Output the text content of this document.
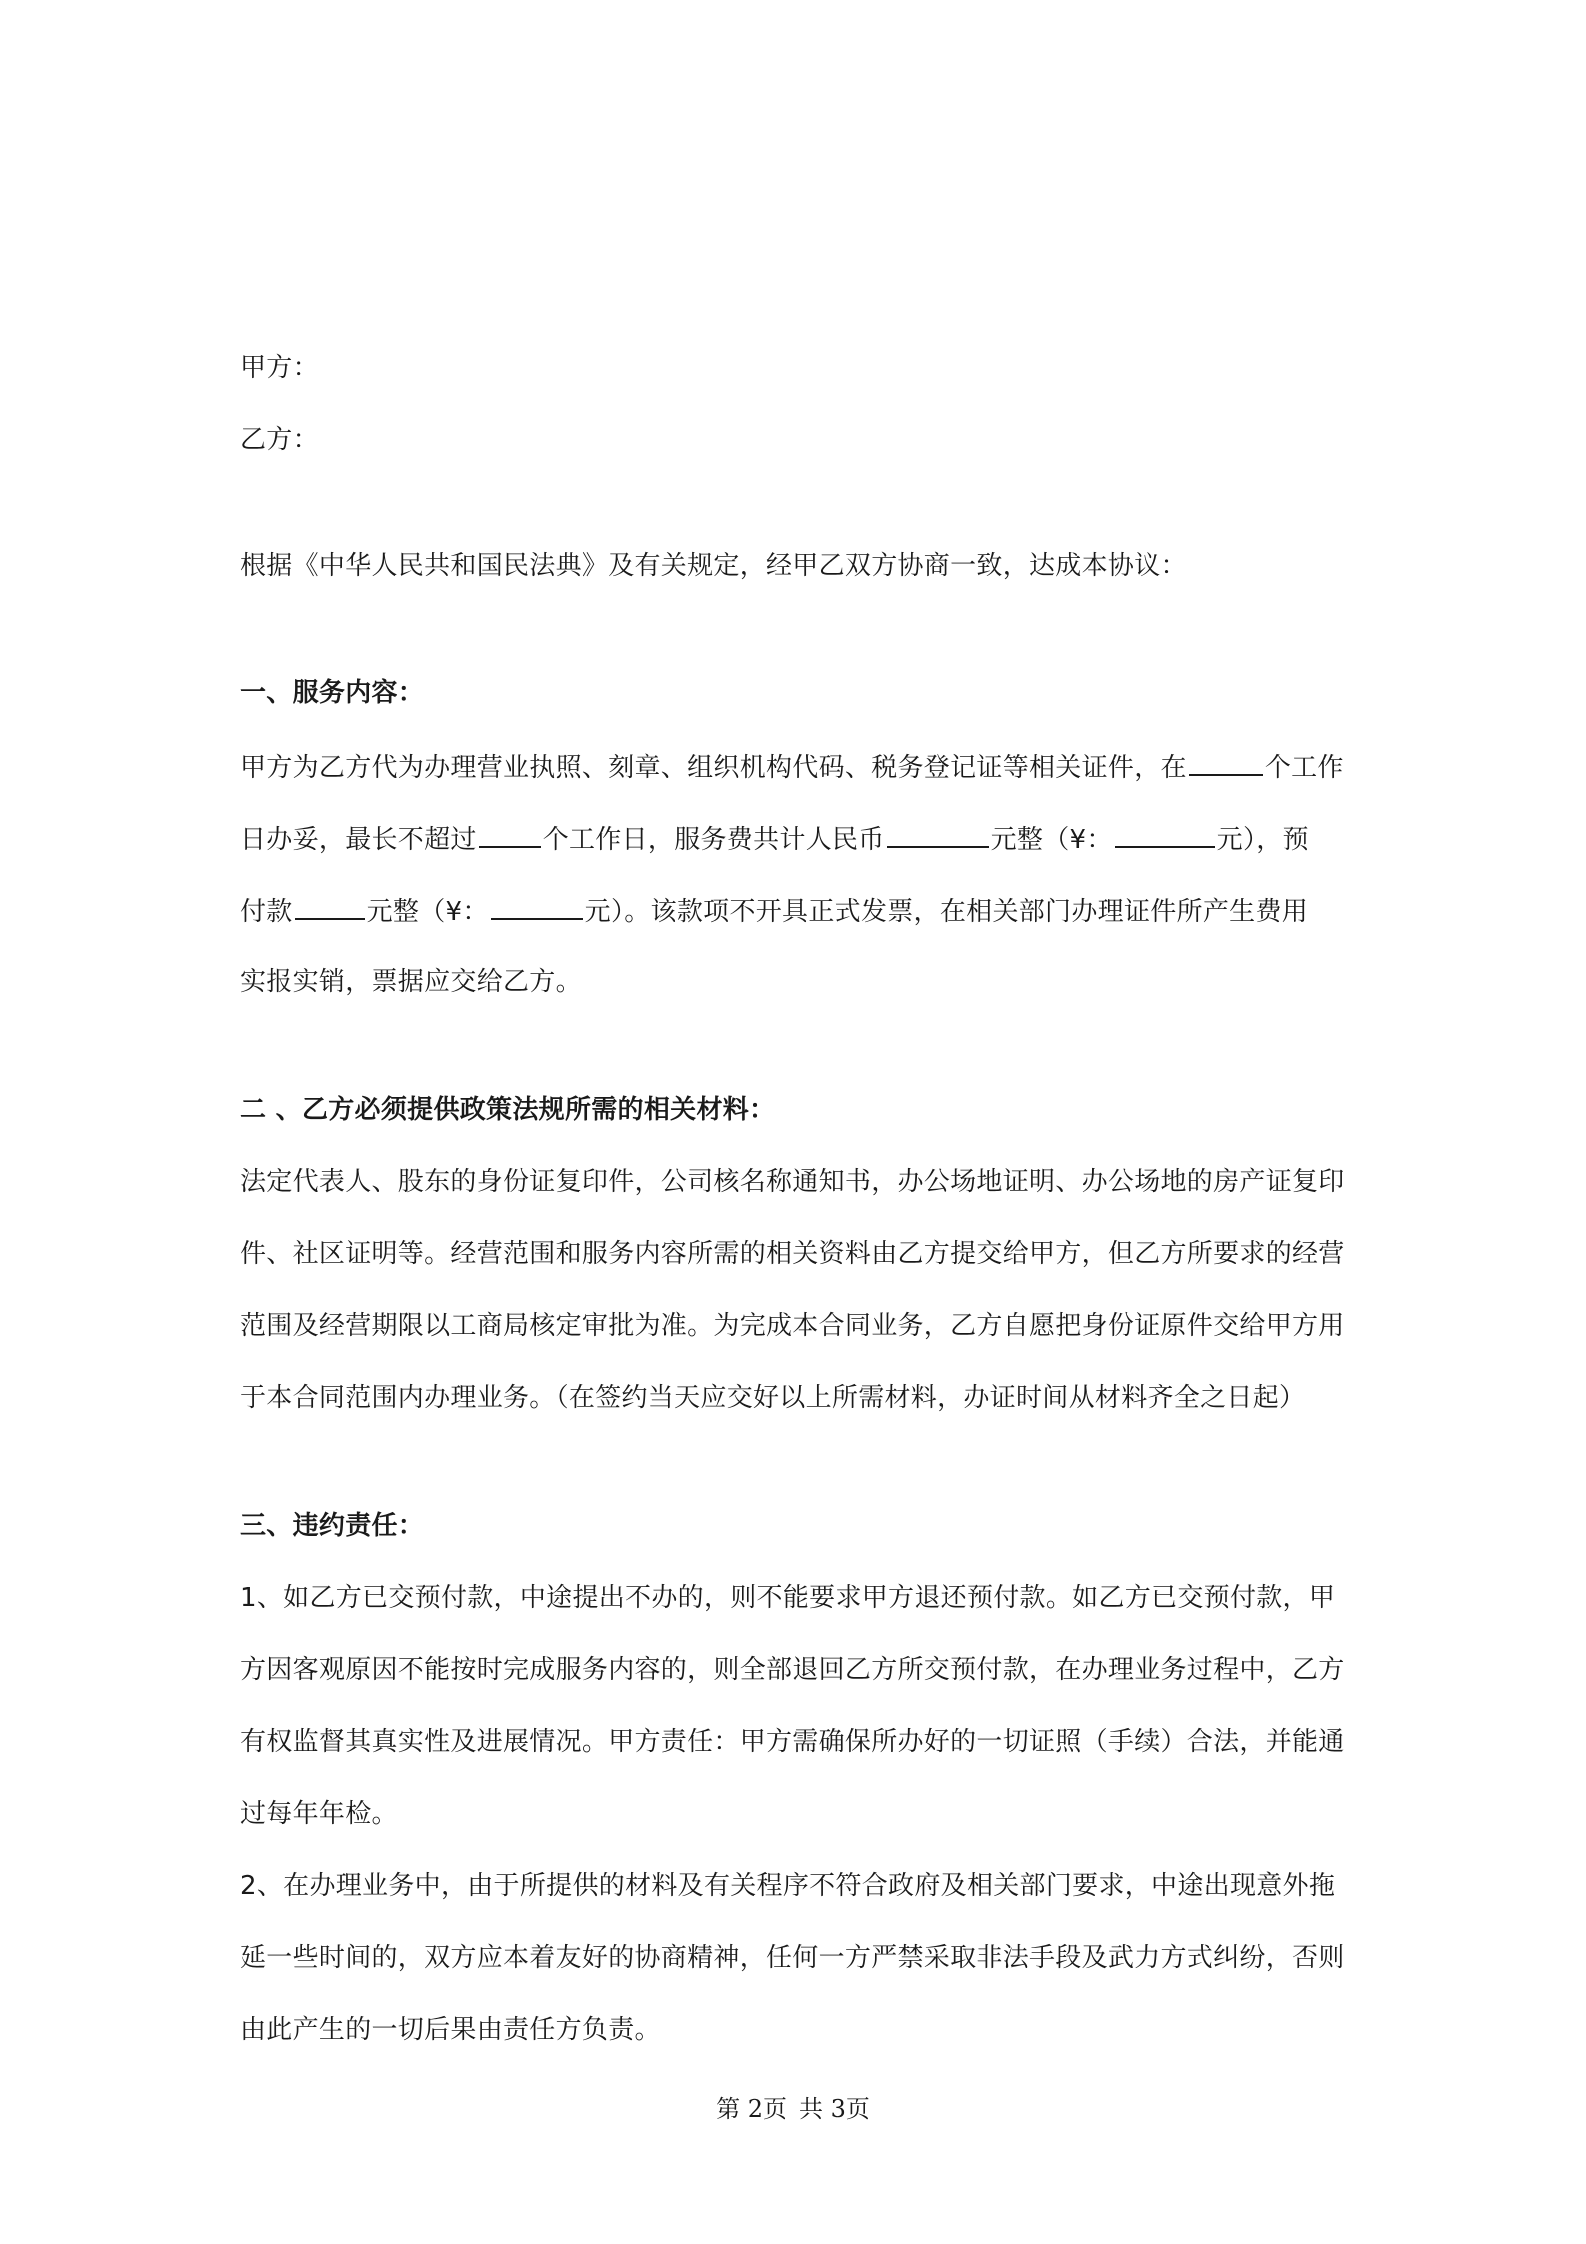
甲方：
乙方：
根据《中华人民共和国民法典》及有关规定，经甲乙双方协商一致，达成本协议：
一、服务内容：
甲方为乙方代为办理营业执照、刻章、组织机构代码、税务登记证等相关证件，在	个工作
日办妥，最长不超过	个工作日，服务费共计人民币	元整（¥：	元），预
付款	元整（¥：	元）。该款项不开具正式发票，在相关部门办理证件所产生费用
实报实销，票据应交给乙方。
二 、乙方必须提供政策法规所需的相关材料：
法定代表人、股东的身份证复印件，公司核名称通知书，办公场地证明、办公场地的房产证复印
件、社区证明等。经营范围和服务内容所需的相关资料由乙方提交给甲方，但乙方所要求的经营
范围及经营期限以工商局核定审批为准。为完成本合同业务，乙方自愿把身份证原件交给甲方用
于本合同范围内办理业务。（在签约当天应交好以上所需材料，办证时间从材料齐全之日起）
三、违约责任：
1、如乙方已交预付款，中途提出不办的，则不能要求甲方退还预付款。如乙方已交预付款，甲
方因客观原因不能按时完成服务内容的，则全部退回乙方所交预付款，在办理业务过程中，乙方
有权监督其真实性及进展情况。甲方责任：甲方需确保所办好的一切证照（手续）合法，并能通
过每年年检。
2、在办理业务中，由于所提供的材料及有关程序不符合政府及相关部门要求，中途出现意外拖
延一些时间的，双方应本着友好的协商精神，任何一方严禁采取非法手段及武力方式纠纷，否则
由此产生的一切后果由责任方负责。
第 2页 共 3页
